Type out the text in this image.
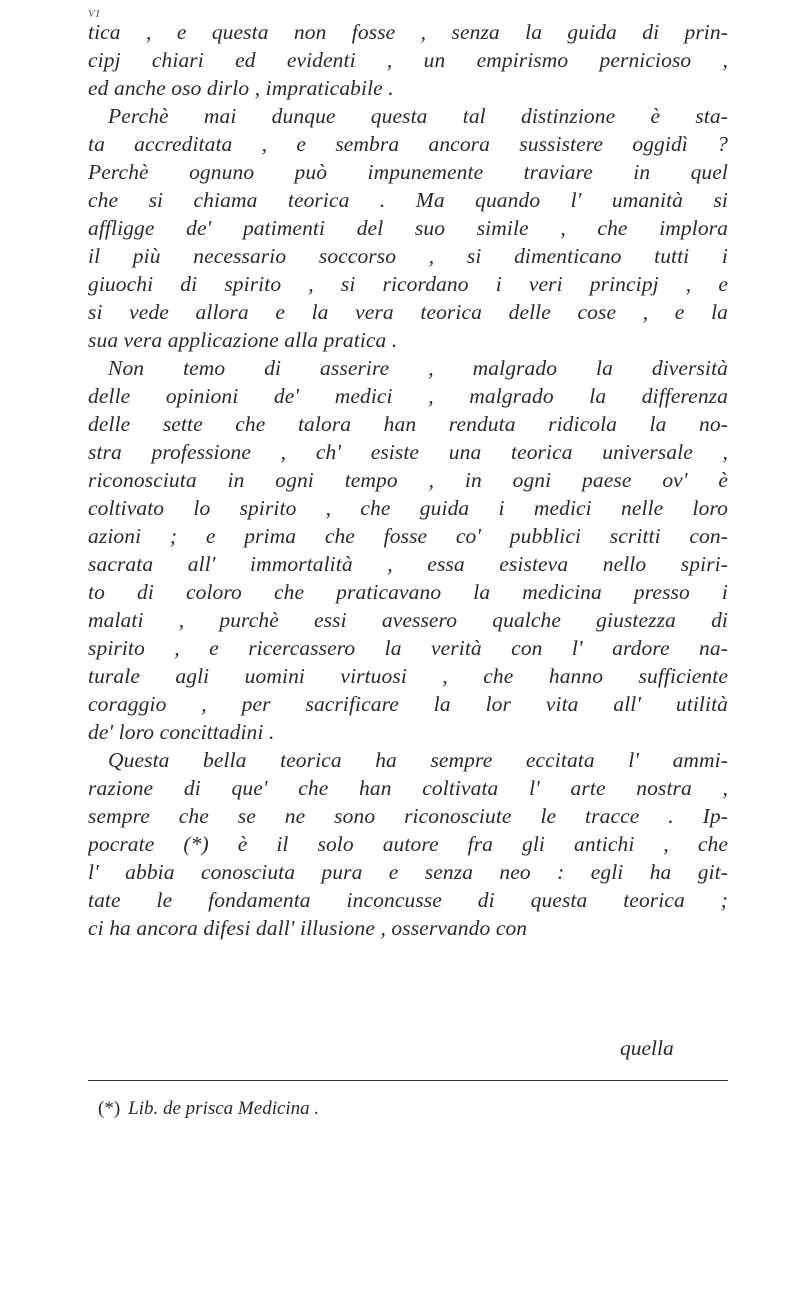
VI
tica , e questa non fosse , senza la guida di prin-
cipj chiari ed evidenti , un empirismo pernicioso ,
ed anche oso dirlo , impraticabile .
Perchè mai dunque questa tal distinzione è sta-
ta accreditata , e sembra ancora sussistere oggidì ?
Perchè ognuno può impunemente traviare in quel
che si chiama teorica . Ma quando l' umanità si
affligge de' patimenti del suo simile , che implora
il più necessario soccorso , si dimenticano tutti i
giuochi di spirito , si ricordano i veri principj , e
si vede allora e la vera teorica delle cose , e la
sua vera applicazione alla pratica .
Non temo di asserire , malgrado la diversità
delle opinioni de' medici , malgrado la differenza
delle sette che talora han renduta ridicola la no-
stra professione , ch' esiste una teorica universale ,
riconosciuta in ogni tempo , in ogni paese ov' è
coltivato lo spirito , che guida i medici nelle loro
azioni ; e prima che fosse co' pubblici scritti con-
sacrata all' immortalità , essa esisteva nello spiri-
to di coloro che praticavano la medicina presso i
malati , purchè essi avessero qualche giustezza di
spirito , e ricercassero la verità con l' ardore na-
turale agli uomini virtuosi , che hanno sufficiente
coraggio , per sacrificare la lor vita all' utilità
de' loro concittadini .
Questa bella teorica ha sempre eccitata l' ammi-
razione di que' che han coltivata l' arte nostra ,
sempre che se ne sono riconosciute le tracce . Ip-
pocrate (*) è il solo autore fra gli antichi , che
l' abbia conosciuta pura e senza neo : egli ha git-
tate le fondamenta inconcusse di questa teorica ;
ci ha ancora difesi dall' illusione , osservando con
quella
(*) Lib. de prisca Medicina .
